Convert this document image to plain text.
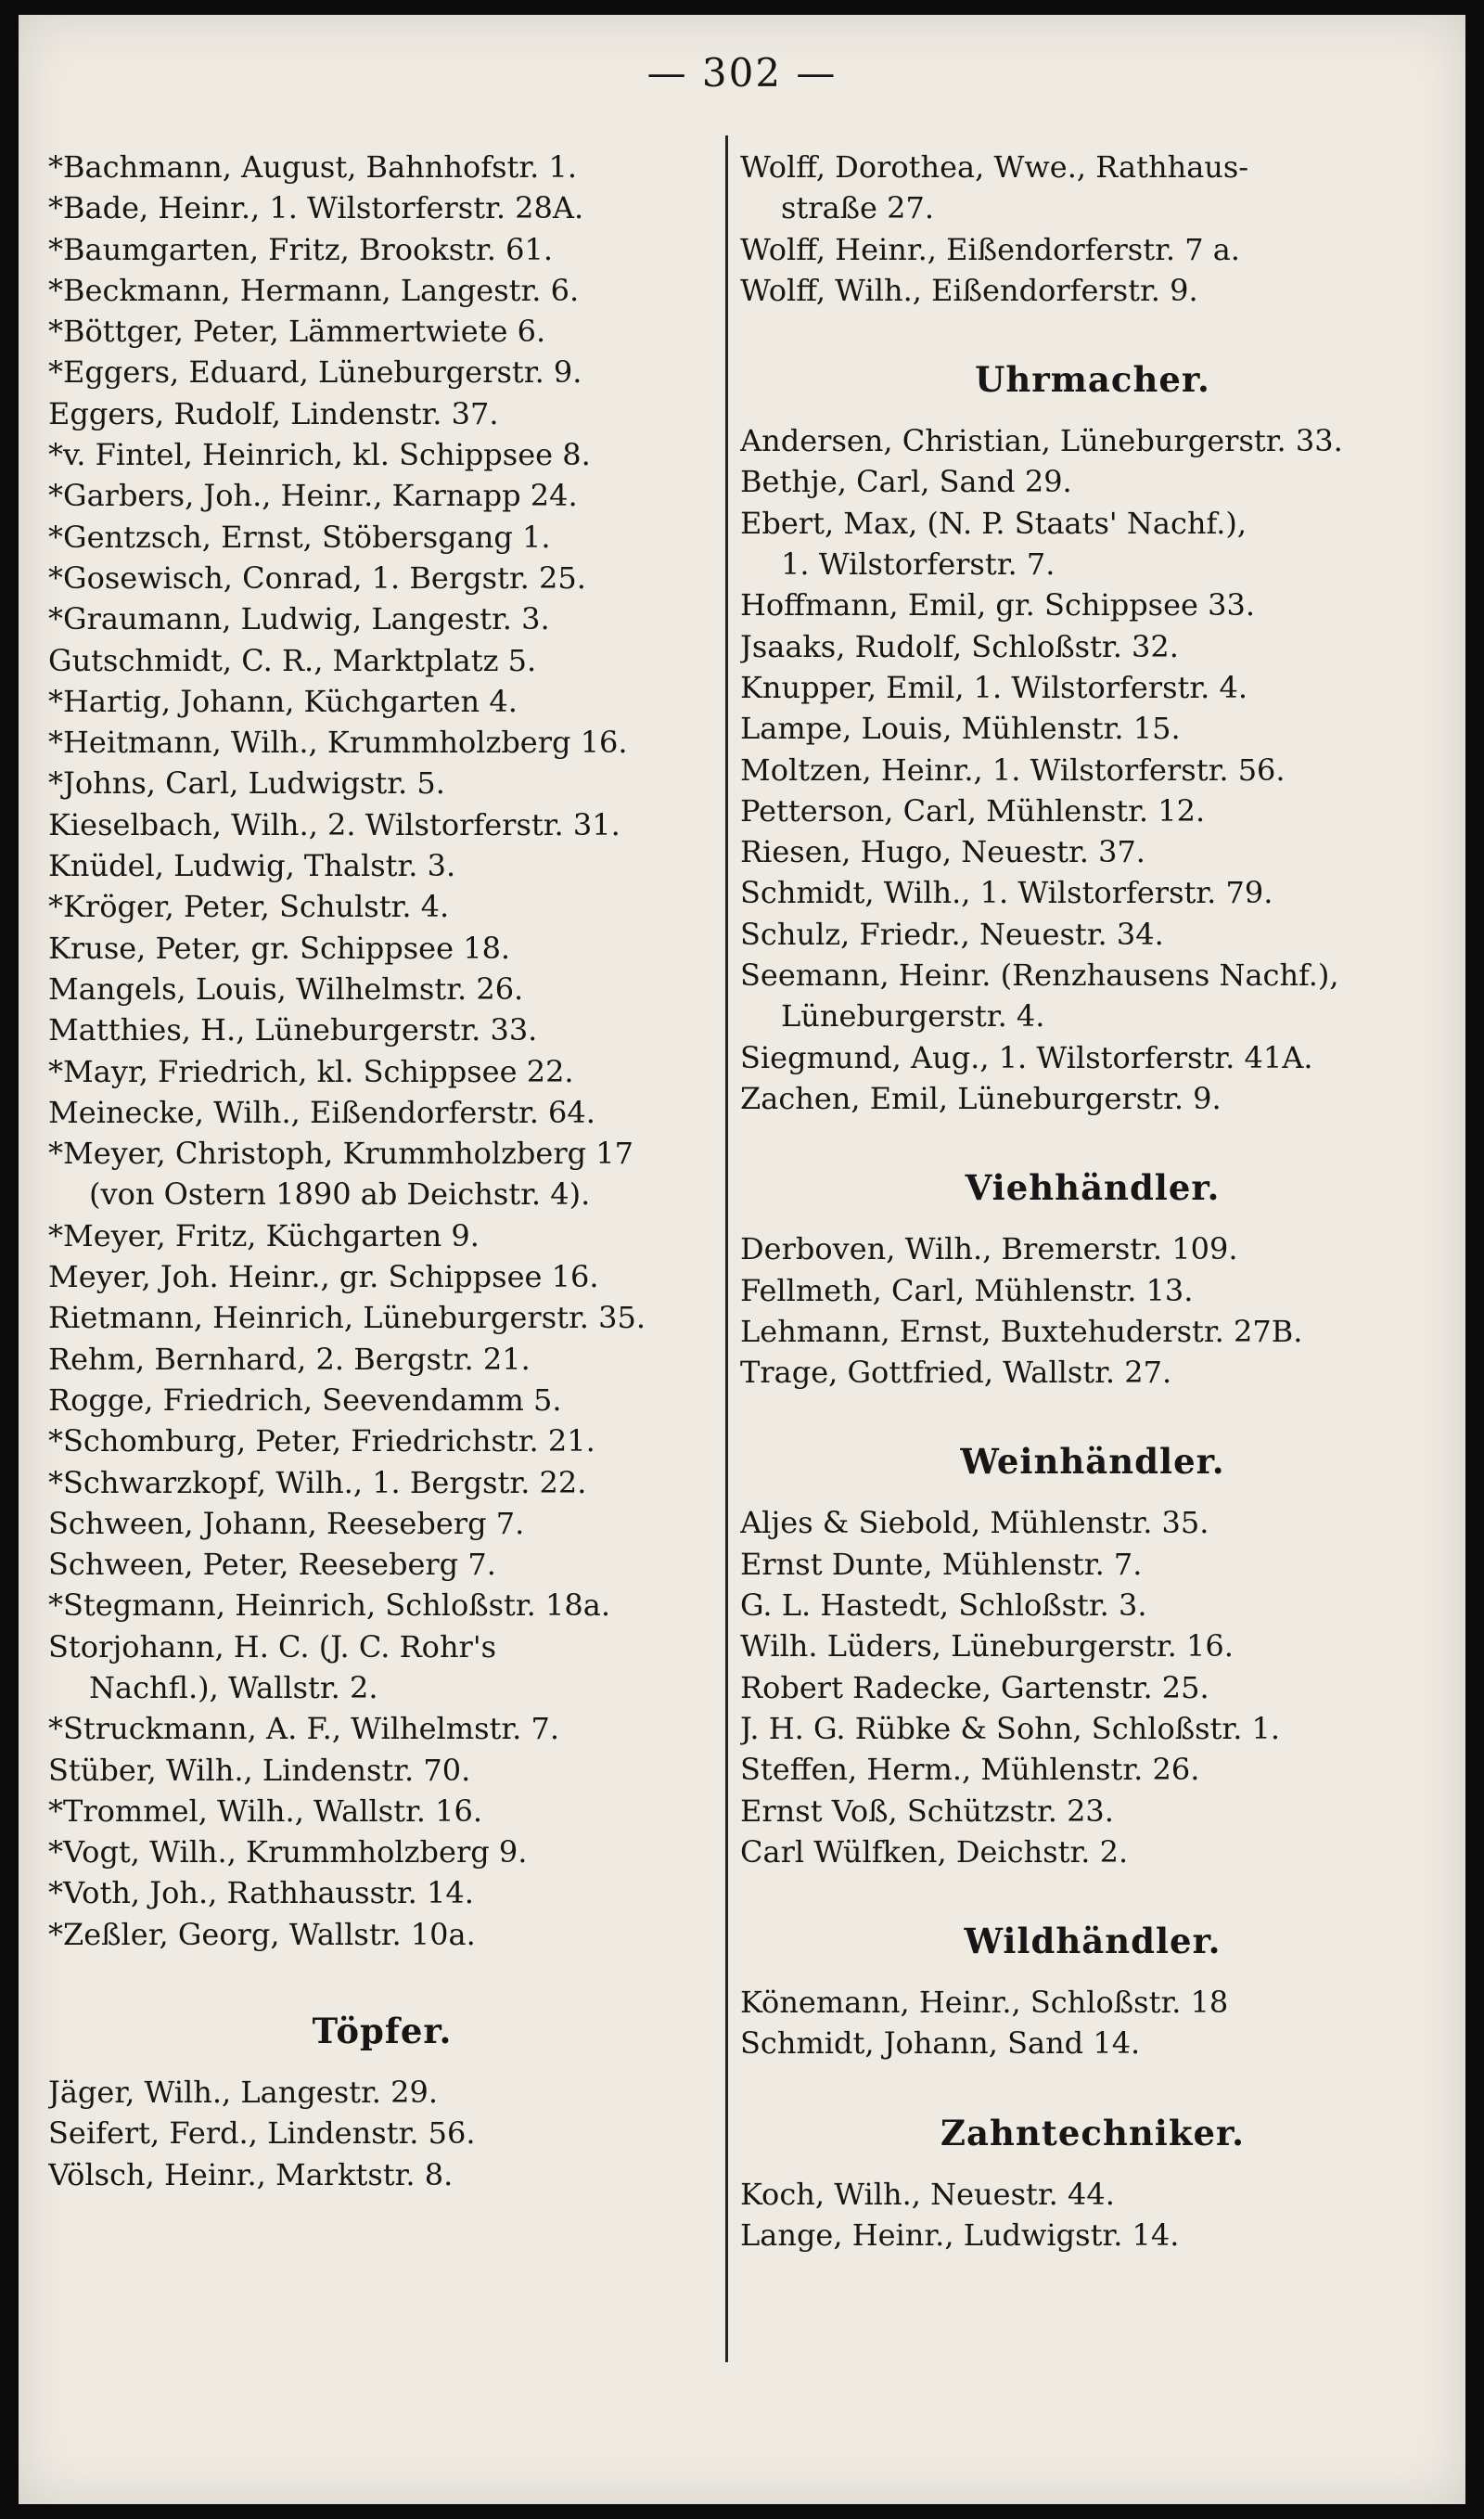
— 302 —
*Bachmann, August, Bahnhofstr. 1.
*Bade, Heinr., 1. Wilstorferstr. 28A.
*Baumgarten, Fritz, Brookstr. 61.
*Beckmann, Hermann, Langestr. 6.
*Böttger, Peter, Lämmertwiete 6.
*Eggers, Eduard, Lüneburgerstr. 9.
Eggers, Rudolf, Lindenstr. 37.
*v. Fintel, Heinrich, kl. Schippsee 8.
*Garbers, Joh., Heinr., Karnapp 24.
*Gentzsch, Ernst, Stöbersgang 1.
*Gosewisch, Conrad, 1. Bergstr. 25.
*Graumann, Ludwig, Langestr. 3.
Gutschmidt, C. R., Marktplatz 5.
*Hartig, Johann, Küchgarten 4.
*Heitmann, Wilh., Krummholzberg 16.
*Johns, Carl, Ludwigstr. 5.
Kieselbach, Wilh., 2. Wilstorferstr. 31.
Knüdel, Ludwig, Thalstr. 3.
*Kröger, Peter, Schulstr. 4.
Kruse, Peter, gr. Schippsee 18.
Mangels, Louis, Wilhelmstr. 26.
Matthies, H., Lüneburgerstr. 33.
*Mayr, Friedrich, kl. Schippsee 22.
Meinecke, Wilh., Eißendorferstr. 64.
*Meyer, Christoph, Krummholzberg 17
(von Ostern 1890 ab Deichstr. 4).
*Meyer, Fritz, Küchgarten 9.
Meyer, Joh. Heinr., gr. Schippsee 16.
Rietmann, Heinrich, Lüneburgerstr. 35.
Rehm, Bernhard, 2. Bergstr. 21.
Rogge, Friedrich, Seevendamm 5.
*Schomburg, Peter, Friedrichstr. 21.
*Schwarzkopf, Wilh., 1. Bergstr. 22.
Schween, Johann, Reeseberg 7.
Schween, Peter, Reeseberg 7.
*Stegmann, Heinrich, Schloßstr. 18a.
Storjohann, H. C. (J. C. Rohr's
Nachfl.), Wallstr. 2.
*Struckmann, A. F., Wilhelmstr. 7.
Stüber, Wilh., Lindenstr. 70.
*Trommel, Wilh., Wallstr. 16.
*Vogt, Wilh., Krummholzberg 9.
*Voth, Joh., Rathhausstr. 14.
*Zeßler, Georg, Wallstr. 10a.
Töpfer.
Jäger, Wilh., Langestr. 29.
Seifert, Ferd., Lindenstr. 56.
Völsch, Heinr., Marktstr. 8.
Wolff, Dorothea, Wwe., Rathhaus-
straße 27.
Wolff, Heinr., Eißendorferstr. 7 a.
Wolff, Wilh., Eißendorferstr. 9.
Uhrmacher.
Andersen, Christian, Lüneburgerstr. 33.
Bethje, Carl, Sand 29.
Ebert, Max, (N. P. Staats' Nachf.),
1. Wilstorferstr. 7.
Hoffmann, Emil, gr. Schippsee 33.
Jsaaks, Rudolf, Schloßstr. 32.
Knupper, Emil, 1. Wilstorferstr. 4.
Lampe, Louis, Mühlenstr. 15.
Moltzen, Heinr., 1. Wilstorferstr. 56.
Petterson, Carl, Mühlenstr. 12.
Riesen, Hugo, Neuestr. 37.
Schmidt, Wilh., 1. Wilstorferstr. 79.
Schulz, Friedr., Neuestr. 34.
Seemann, Heinr. (Renzhausens Nachf.),
Lüneburgerstr. 4.
Siegmund, Aug., 1. Wilstorferstr. 41A.
Zachen, Emil, Lüneburgerstr. 9.
Viehhändler.
Derboven, Wilh., Bremerstr. 109.
Fellmeth, Carl, Mühlenstr. 13.
Lehmann, Ernst, Buxtehuderstr. 27B.
Trage, Gottfried, Wallstr. 27.
Weinhändler.
Aljes & Siebold, Mühlenstr. 35.
Ernst Dunte, Mühlenstr. 7.
G. L. Hastedt, Schloßstr. 3.
Wilh. Lüders, Lüneburgerstr. 16.
Robert Radecke, Gartenstr. 25.
J. H. G. Rübke & Sohn, Schloßstr. 1.
Steffen, Herm., Mühlenstr. 26.
Ernst Voß, Schützstr. 23.
Carl Wülfken, Deichstr. 2.
Wildhändler.
Könemann, Heinr., Schloßstr. 18
Schmidt, Johann, Sand 14.
Zahntechniker.
Koch, Wilh., Neuestr. 44.
Lange, Heinr., Ludwigstr. 14.
